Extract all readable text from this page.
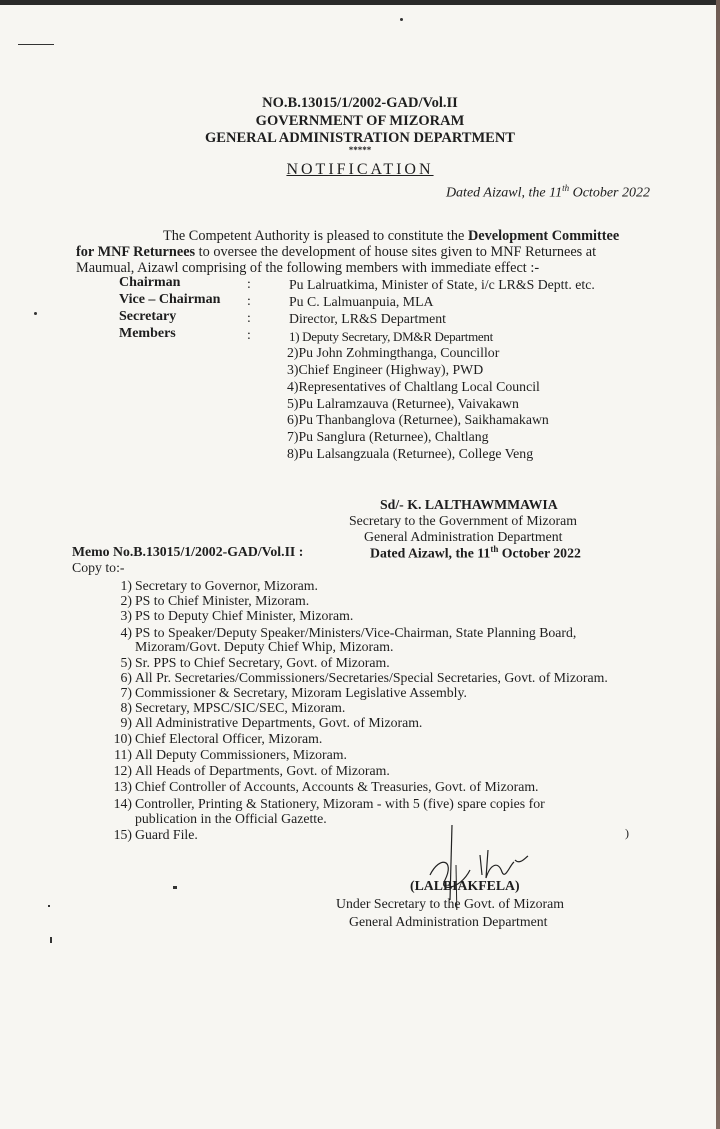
NO.B.13015/1/2002-GAD/Vol.II
GOVERNMENT OF MIZORAM
GENERAL ADMINISTRATION DEPARTMENT
*****
NOTIFICATION
Dated Aizawl, the 11th October 2022
The Competent Authority is pleased to constitute the Development Committee
for MNF Returnees to oversee the development of house sites given to MNF Returnees at
Maumual, Aizawl comprising of the following members with immediate effect :-
Chairman	:	Pu Lalruatkima, Minister of State, i/c LR&S Deptt. etc.
Vice – Chairman :	Pu C. Lalmuanpuia, MLA
Secretary	:	Director, LR&S Department
Members	:	1) Deputy Secretary, DM&R Department
2)Pu John Zohmingthanga, Councillor
3)Chief Engineer (Highway), PWD
4)Representatives of Chaltlang Local Council
5)Pu Lalramzauva (Returnee), Vaivakawn
6)Pu Thanbanglova (Returnee), Saikhamakawn
7)Pu Sanglura (Returnee), Chaltlang
8)Pu Lalsangzuala (Returnee), College Veng
Sd/- K. LALTHAWMMAWIA
Secretary to the Government of Mizoram
General Administration Department
Dated Aizawl, the 11th October 2022
Memo No.B.13015/1/2002-GAD/Vol.II :
Copy to:-
1) Secretary to Governor, Mizoram.
2) PS to Chief Minister, Mizoram.
3) PS to Deputy Chief Minister, Mizoram.
4) PS to Speaker/Deputy Speaker/Ministers/Vice-Chairman, State Planning Board,
Mizoram/Govt. Deputy Chief Whip, Mizoram.
5) Sr. PPS to Chief Secretary, Govt. of Mizoram.
6) All Pr. Secretaries/Commissioners/Secretaries/Special Secretaries, Govt. of Mizoram.
7) Commissioner & Secretary, Mizoram Legislative Assembly.
8) Secretary, MPSC/SIC/SEC, Mizoram.
9) All Administrative Departments, Govt. of Mizoram.
10) Chief Electoral Officer, Mizoram.
11) All Deputy Commissioners, Mizoram.
12) All Heads of Departments, Govt. of Mizoram.
13) Chief Controller of Accounts, Accounts & Treasuries, Govt. of Mizoram.
14) Controller, Printing & Stationery, Mizoram - with 5 (five) spare copies for
publication in the Official Gazette.
15) Guard File.
(LALBIAKFELA)
Under Secretary to the Govt. of Mizoram
General Administration Department
)
